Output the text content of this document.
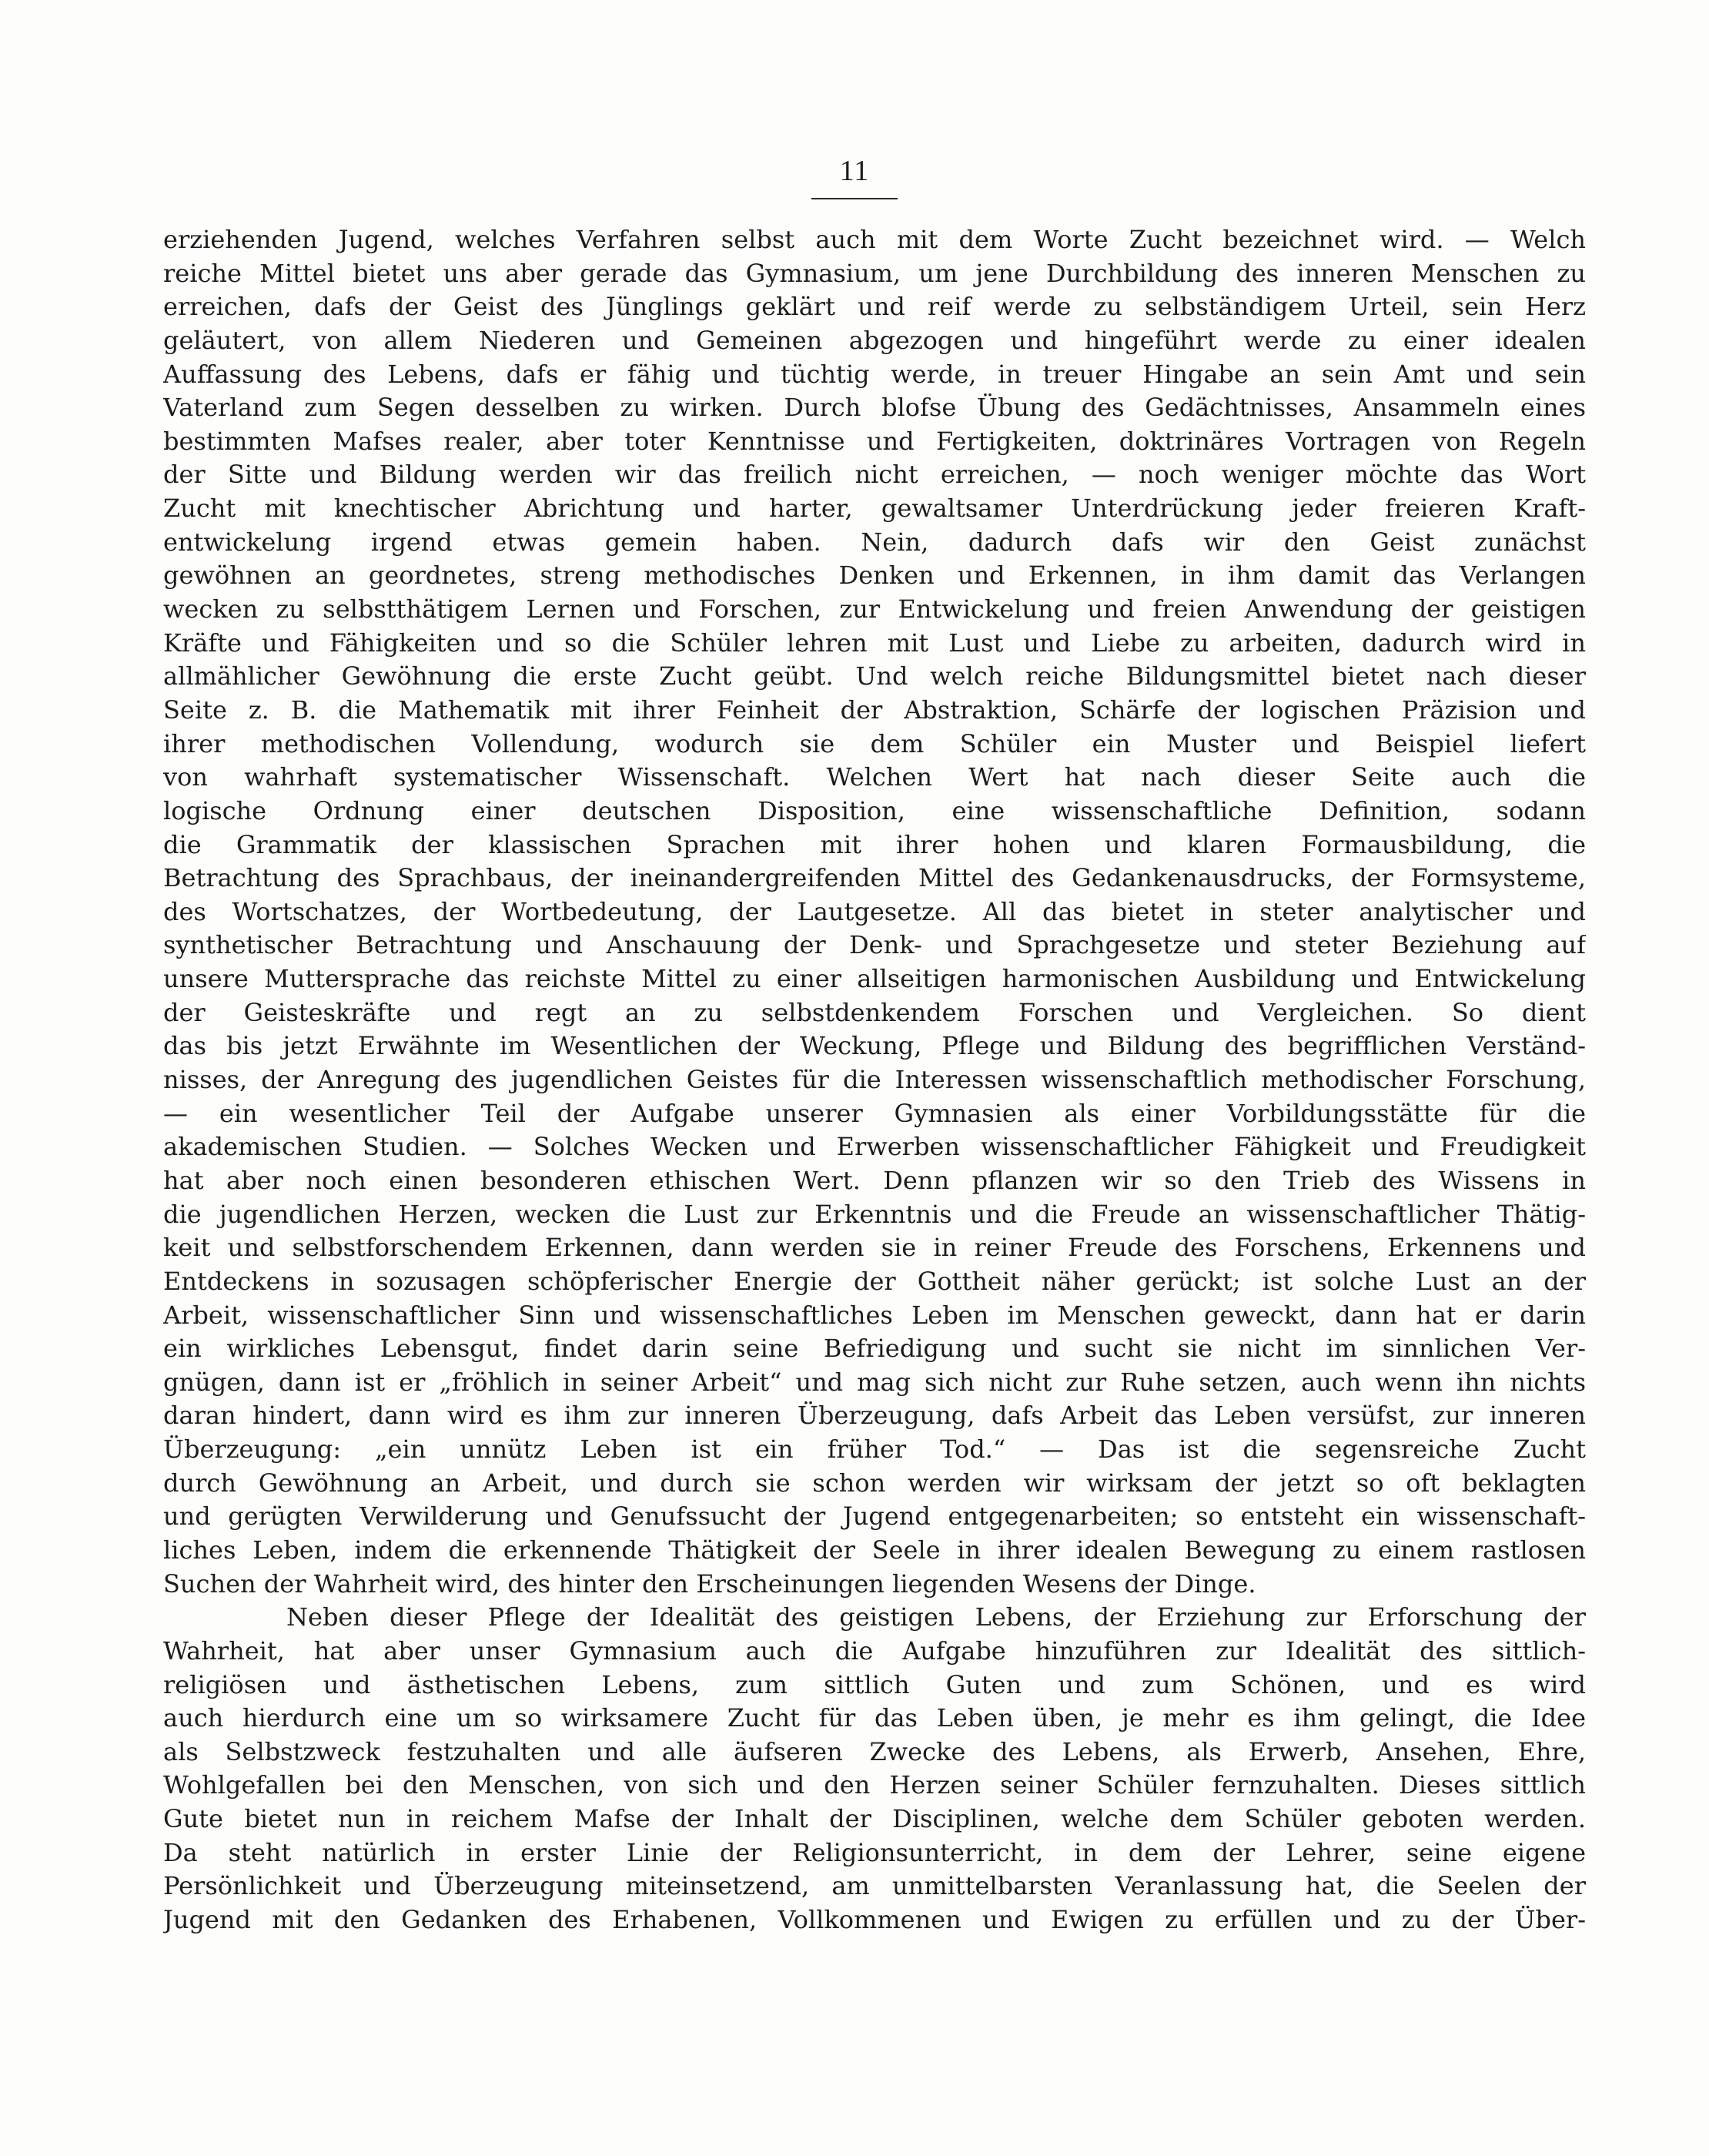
11
erziehenden Jugend, welches Verfahren selbst auch mit dem Worte Zucht bezeichnet wird. — Welch
reiche Mittel bietet uns aber gerade das Gymnasium, um jene Durchbildung des inneren Menschen zu
erreichen, dafs der Geist des Jünglings geklärt und reif werde zu selbständigem Urteil, sein Herz
geläutert, von allem Niederen und Gemeinen abgezogen und hingeführt werde zu einer idealen
Auffassung des Lebens, dafs er fähig und tüchtig werde, in treuer Hingabe an sein Amt und sein
Vaterland zum Segen desselben zu wirken. Durch blofse Übung des Gedächtnisses, Ansammeln eines
bestimmten Mafses realer, aber toter Kenntnisse und Fertigkeiten, doktrinäres Vortragen von Regeln
der Sitte und Bildung werden wir das freilich nicht erreichen, — noch weniger möchte das Wort
Zucht mit knechtischer Abrichtung und harter, gewaltsamer Unterdrückung jeder freieren Kraft-
entwickelung irgend etwas gemein haben. Nein, dadurch dafs wir den Geist zunächst
gewöhnen an geordnetes, streng methodisches Denken und Erkennen, in ihm damit das Verlangen
wecken zu selbstthätigem Lernen und Forschen, zur Entwickelung und freien Anwendung der geistigen
Kräfte und Fähigkeiten und so die Schüler lehren mit Lust und Liebe zu arbeiten, dadurch wird in
allmählicher Gewöhnung die erste Zucht geübt. Und welch reiche Bildungsmittel bietet nach dieser
Seite z. B. die Mathematik mit ihrer Feinheit der Abstraktion, Schärfe der logischen Präzision und
ihrer methodischen Vollendung, wodurch sie dem Schüler ein Muster und Beispiel liefert
von wahrhaft systematischer Wissenschaft. Welchen Wert hat nach dieser Seite auch die
logische Ordnung einer deutschen Disposition, eine wissenschaftliche Definition, sodann
die Grammatik der klassischen Sprachen mit ihrer hohen und klaren Formausbildung, die
Betrachtung des Sprachbaus, der ineinandergreifenden Mittel des Gedankenausdrucks, der Formsysteme,
des Wortschatzes, der Wortbedeutung, der Lautgesetze. All das bietet in steter analytischer und
synthetischer Betrachtung und Anschauung der Denk- und Sprachgesetze und steter Beziehung auf
unsere Muttersprache das reichste Mittel zu einer allseitigen harmonischen Ausbildung und Entwickelung
der Geisteskräfte und regt an zu selbstdenkendem Forschen und Vergleichen. So dient
das bis jetzt Erwähnte im Wesentlichen der Weckung, Pflege und Bildung des begrifflichen Verständ-
nisses, der Anregung des jugendlichen Geistes für die Interessen wissenschaftlich methodischer Forschung,
— ein wesentlicher Teil der Aufgabe unserer Gymnasien als einer Vorbildungsstätte für die
akademischen Studien. — Solches Wecken und Erwerben wissenschaftlicher Fähigkeit und Freudigkeit
hat aber noch einen besonderen ethischen Wert. Denn pflanzen wir so den Trieb des Wissens in
die jugendlichen Herzen, wecken die Lust zur Erkenntnis und die Freude an wissenschaftlicher Thätig-
keit und selbstforschendem Erkennen, dann werden sie in reiner Freude des Forschens, Erkennens und
Entdeckens in sozusagen schöpferischer Energie der Gottheit näher gerückt; ist solche Lust an der
Arbeit, wissenschaftlicher Sinn und wissenschaftliches Leben im Menschen geweckt, dann hat er darin
ein wirkliches Lebensgut, findet darin seine Befriedigung und sucht sie nicht im sinnlichen Ver-
gnügen, dann ist er „fröhlich in seiner Arbeit“ und mag sich nicht zur Ruhe setzen, auch wenn ihn nichts
daran hindert, dann wird es ihm zur inneren Überzeugung, dafs Arbeit das Leben versüfst, zur inneren
Überzeugung: „ein unnütz Leben ist ein früher Tod.“ — Das ist die segensreiche Zucht
durch Gewöhnung an Arbeit, und durch sie schon werden wir wirksam der jetzt so oft beklagten
und gerügten Verwilderung und Genufssucht der Jugend entgegenarbeiten; so entsteht ein wissenschaft-
liches Leben, indem die erkennende Thätigkeit der Seele in ihrer idealen Bewegung zu einem rastlosen
Suchen der Wahrheit wird, des hinter den Erscheinungen liegenden Wesens der Dinge.
Neben dieser Pflege der Idealität des geistigen Lebens, der Erziehung zur Erforschung der
Wahrheit, hat aber unser Gymnasium auch die Aufgabe hinzuführen zur Idealität des sittlich-
religiösen und ästhetischen Lebens, zum sittlich Guten und zum Schönen, und es wird
auch hierdurch eine um so wirksamere Zucht für das Leben üben, je mehr es ihm gelingt, die Idee
als Selbstzweck festzuhalten und alle äufseren Zwecke des Lebens, als Erwerb, Ansehen, Ehre,
Wohlgefallen bei den Menschen, von sich und den Herzen seiner Schüler fernzuhalten. Dieses sittlich
Gute bietet nun in reichem Mafse der Inhalt der Disciplinen, welche dem Schüler geboten werden.
Da steht natürlich in erster Linie der Religionsunterricht, in dem der Lehrer, seine eigene
Persönlichkeit und Überzeugung miteinsetzend, am unmittelbarsten Veranlassung hat, die Seelen der
Jugend mit den Gedanken des Erhabenen, Vollkommenen und Ewigen zu erfüllen und zu der Über-
